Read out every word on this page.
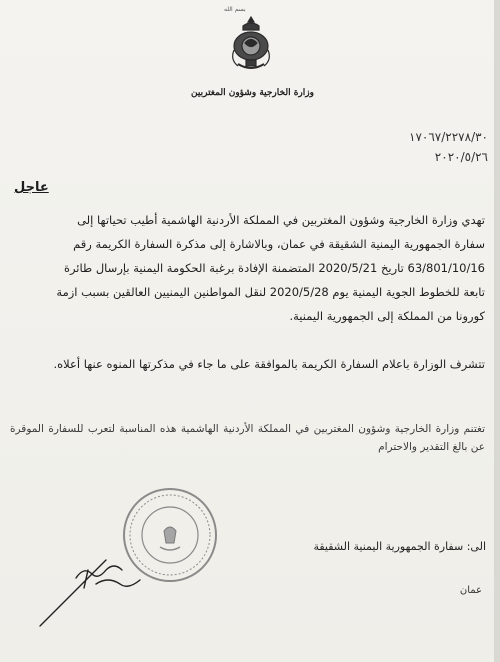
بسم الله
وزارة الخارجية وشؤون المغتربين
١٧٠٦٧/٢٢٧٨/٣٠
٢٠٢٠/٥/٢٦
عاجل
تهدي وزارة الخارجية وشؤون المغتربين في المملكة الأردنية الهاشمية أطيب تحياتها إلى
سفارة الجمهورية اليمنية الشقيقة في عمان، وبالاشارة إلى مذكرة السفارة الكريمة رقم
63/801/10/16 تاريخ 2020/5/21 المتضمنة الإفادة برغبة الحكومة اليمنية بإرسال طائرة
تابعة للخطوط الجوية اليمنية يوم 2020/5/28 لنقل المواطنين اليمنيين العالقين بسبب ازمة
كورونا من المملكة إلى الجمهورية اليمنية.
تتشرف الوزارة باعلام السفارة الكريمة بالموافقة على ما جاء في مذكرتها المنوه عنها أعلاه.
تغتنم وزارة الخارجية وشؤون المغتربين في المملكة الأردنية الهاشمية هذه المناسبة لتعرب للسفارة الموقرة عن بالغ التقدير والاحترام
الى: سفارة الجمهورية اليمنية الشقيقة
عمان
